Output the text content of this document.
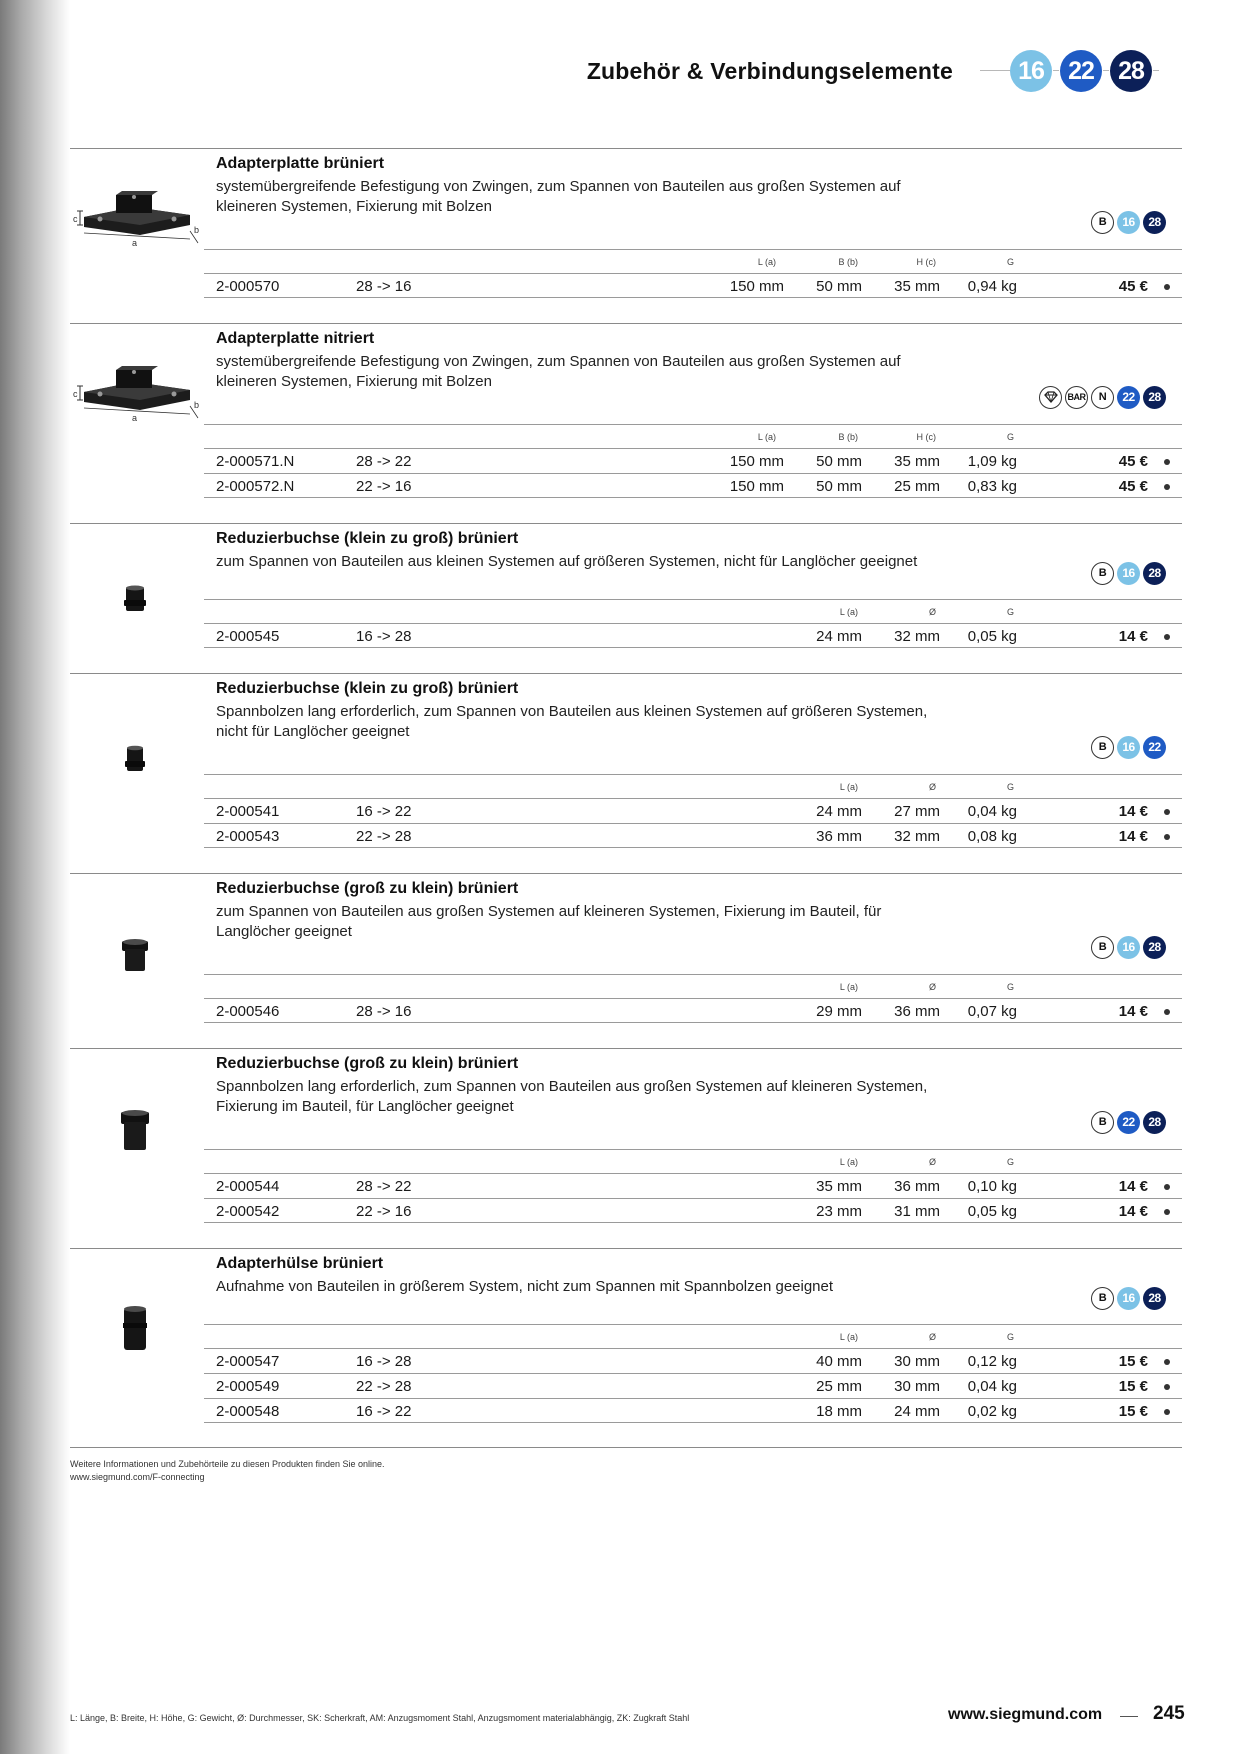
Zubehör & Verbindungselemente	16 22 28
c
a
b
Adapterplatte brüniert
systemübergreifende Befestigung von Zwingen, zum Spannen von Bauteilen aus großen Systemen auf kleineren Systemen, Fixierung mit Bolzen
B	16	28
L (a)	B (b)	H (c)	G
2-000570	28 -> 16	150 mm 50 mm 35 mm 0,94 kg	45 €
c
a
b
Adapterplatte nitriert
systemübergreifende Befestigung von Zwingen, zum Spannen von Bauteilen aus großen Systemen auf kleineren Systemen, Fixierung mit Bolzen
BAR	N	22	28
L (a)	B (b)	H (c)	G
2-000571.N	28 -> 22	150 mm 50 mm 35 mm 1,09 kg	45 €
2-000572.N	22 -> 16	150 mm 50 mm 25 mm 0,83 kg	45 €
Reduzierbuchse (klein zu groß) brüniert
zum Spannen von Bauteilen aus kleinen Systemen auf größeren Systemen, nicht für Langlöcher geeignet
B	16	28
L (a)	Ø	G
2-000545	16 -> 28	24 mm 32 mm 0,05 kg	14 €
Reduzierbuchse (klein zu groß) brüniert
Spannbolzen lang erforderlich, zum Spannen von Bauteilen aus kleinen Systemen auf größeren Systemen, nicht für Langlöcher geeignet
B	16	22
L (a)	Ø	G
2-000541	16 -> 22	24 mm 27 mm 0,04 kg	14 €
2-000543	22 -> 28	36 mm 32 mm 0,08 kg	14 €
Reduzierbuchse (groß zu klein) brüniert
zum Spannen von Bauteilen aus großen Systemen auf kleineren Systemen, Fixierung im Bauteil, für Langlöcher geeignet
B	16	28
L (a)	Ø	G
2-000546	28 -> 16	29 mm 36 mm 0,07 kg	14 €
Reduzierbuchse (groß zu klein) brüniert
Spannbolzen lang erforderlich, zum Spannen von Bauteilen aus großen Systemen auf kleineren Systemen, Fixierung im Bauteil, für Langlöcher geeignet
B	22	28
L (a)	Ø	G
2-000544	28 -> 22	35 mm 36 mm 0,10 kg	14 €
2-000542	22 -> 16	23 mm 31 mm 0,05 kg	14 €
Adapterhülse brüniert
Aufnahme von Bauteilen in größerem System, nicht zum Spannen mit Spannbolzen geeignet
B	16	28
L (a)	Ø	G
2-000547	16 -> 28	40 mm 30 mm 0,12 kg	15 €
2-000549	22 -> 28	25 mm 30 mm 0,04 kg	15 €
2-000548	16 -> 22	18 mm 24 mm 0,02 kg	15 €
Weitere Informationen und Zubehörteile zu diesen Produkten finden Sie online.
www.siegmund.com/F-connecting
L: Länge, B: Breite, H: Höhe, G: Gewicht, Ø: Durchmesser, SK: Scherkraft, AM: Anzugsmoment Stahl, Anzugsmoment materialabhängig, ZK: Zugkraft Stahl	www.siegmund.com	245
